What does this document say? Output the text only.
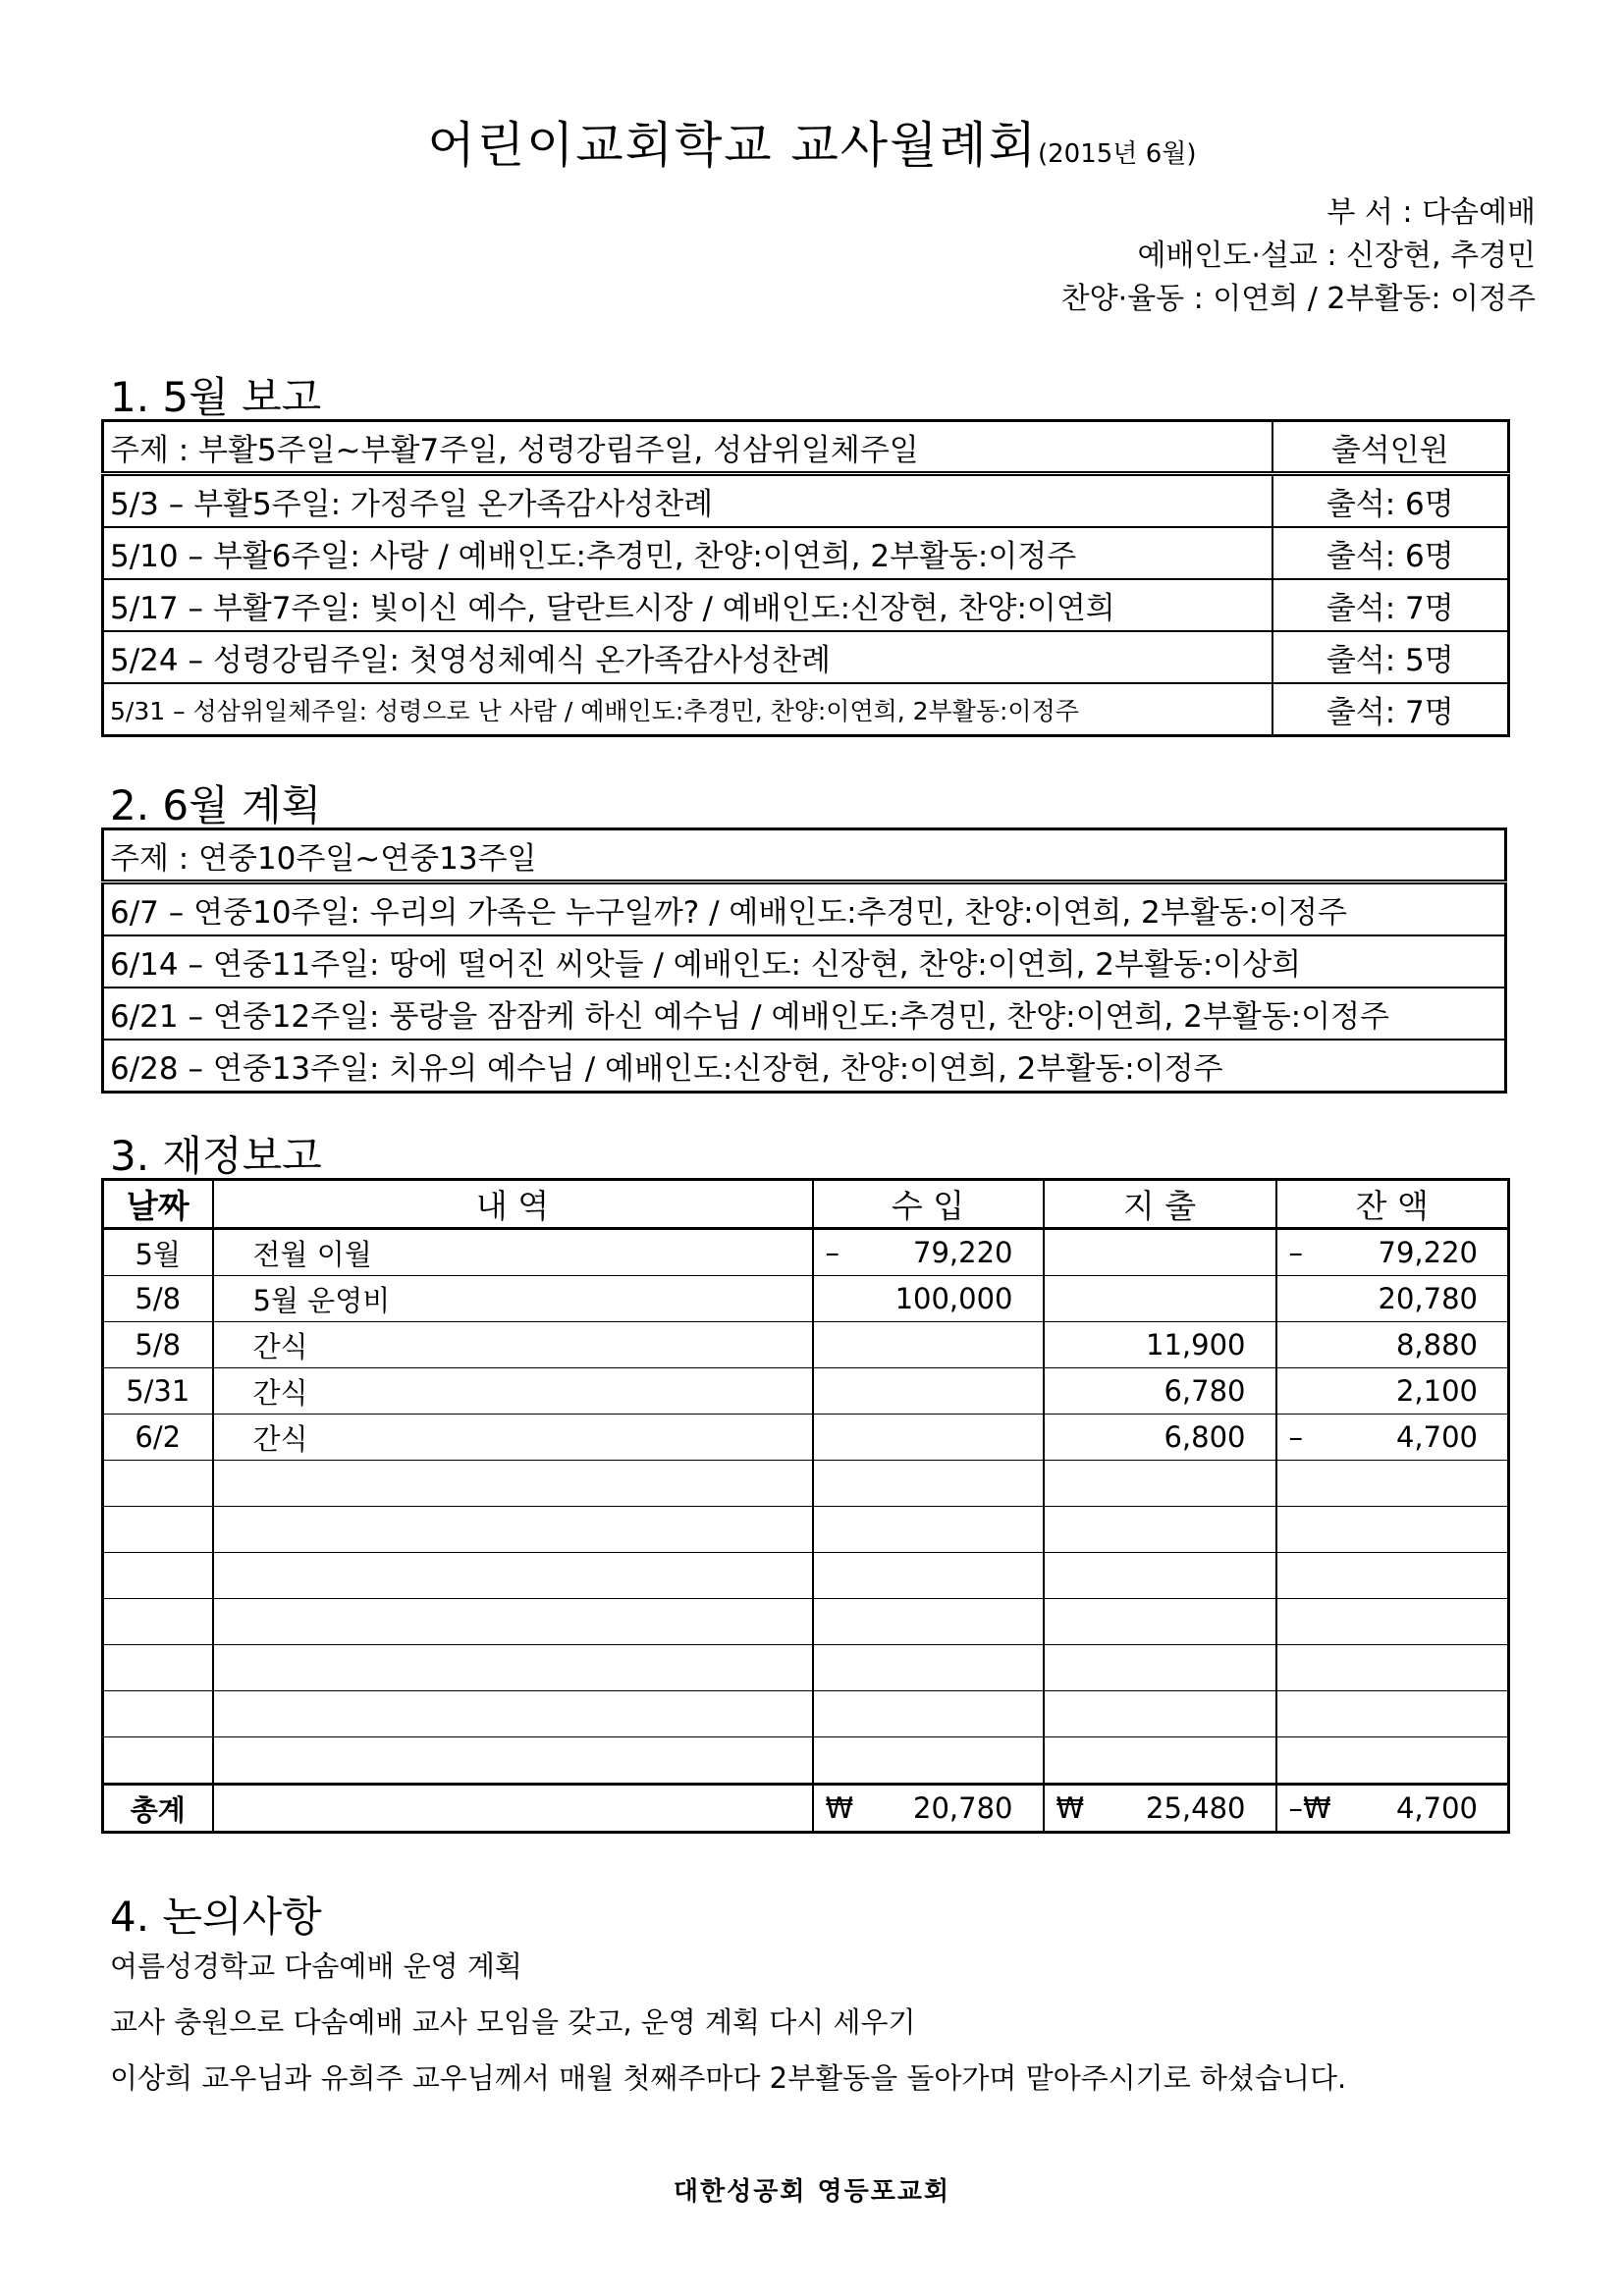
어린이교회학교 교사월례회(2015년 6월)
부 서 : 다솜예배
예배인도·설교 : 신장현, 추경민
찬양·율동 : 이연희 / 2부활동: 이정주
1. 5월 보고
주제 : 부활5주일~부활7주일, 성령강림주일, 성삼위일체주일	출석인원
5/3 – 부활5주일: 가정주일 온가족감사성찬례	출석: 6명
5/10 – 부활6주일: 사랑 / 예배인도:추경민, 찬양:이연희, 2부활동:이정주	출석: 6명
5/17 – 부활7주일: 빛이신 예수, 달란트시장 / 예배인도:신장현, 찬양:이연희	출석: 7명
5/24 – 성령강림주일: 첫영성체예식 온가족감사성찬례	출석: 5명
5/31 – 성삼위일체주일: 성령으로 난 사람 / 예배인도:추경민, 찬양:이연희, 2부활동:이정주	출석: 7명
2. 6월 계획
주제 : 연중10주일~연중13주일
6/7 – 연중10주일: 우리의 가족은 누구일까? / 예배인도:추경민, 찬양:이연희, 2부활동:이정주
6/14 – 연중11주일: 땅에 떨어진 씨앗들 / 예배인도: 신장현, 찬양:이연희, 2부활동:이상희
6/21 – 연중12주일: 풍랑을 잠잠케 하신 예수님 / 예배인도:추경민, 찬양:이연희, 2부활동:이정주
6/28 – 연중13주일: 치유의 예수님 / 예배인도:신장현, 찬양:이연희, 2부활동:이정주
3. 재정보고
날짜	내 역	수 입	지 출	잔 액
5월	전월 이월	– 79,220		– 79,220
5/8	5월 운영비	100,000		20,780
5/8	간식		11,900	8,880
5/31	간식		6,780	2,100
6/2	간식		6,800	– 4,700

총계		₩ 20,780	₩ 25,480	–₩ 4,700
4. 논의사항
여름성경학교 다솜예배 운영 계획
교사 충원으로 다솜예배 교사 모임을 갖고, 운영 계획 다시 세우기
이상희 교우님과 유희주 교우님께서 매월 첫째주마다 2부활동을 돌아가며 맡아주시기로 하셨습니다.
대한성공회 영등포교회
